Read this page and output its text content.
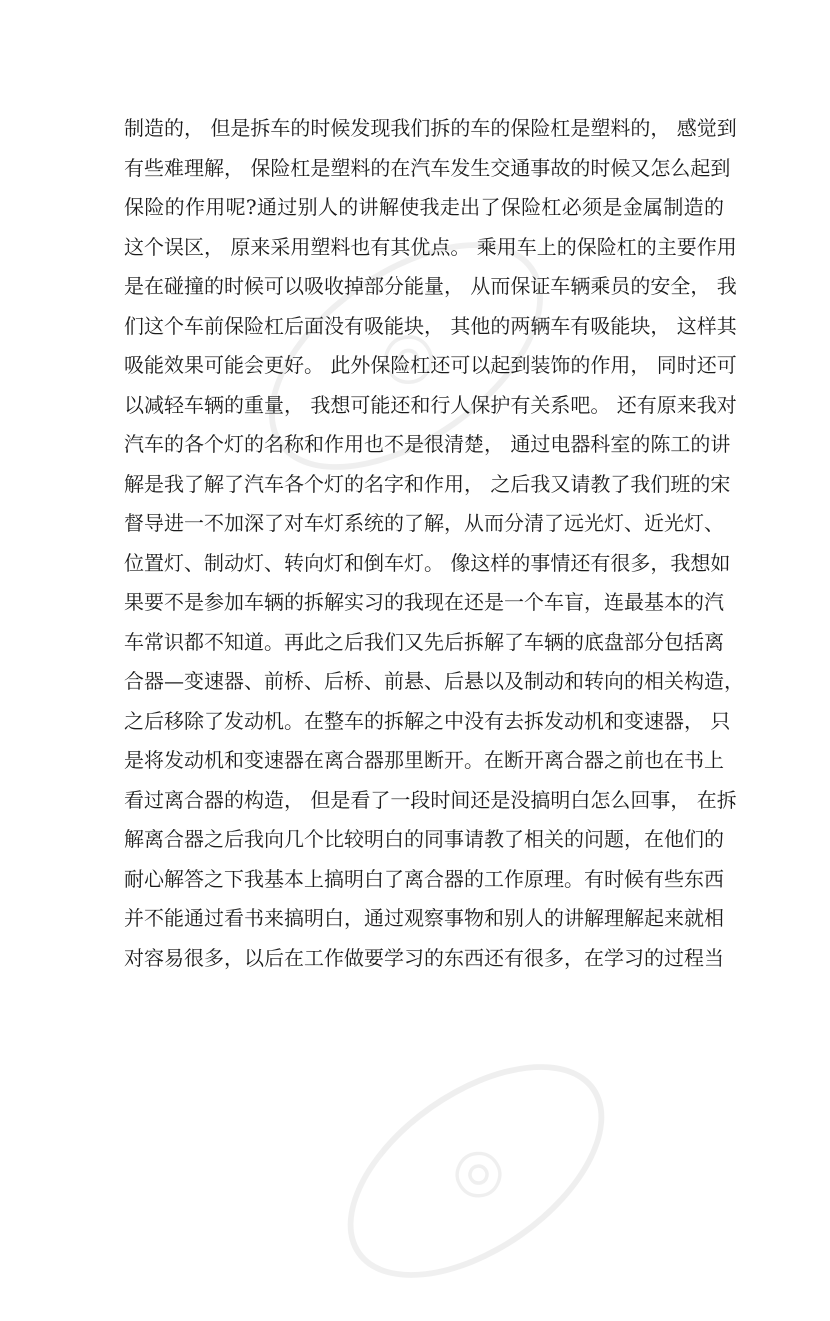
◎
◎
制造的， 但是拆车的时候发现我们拆的车的保险杠是塑料的， 感觉到
有些难理解， 保险杠是塑料的在汽车发生交通事故的时候又怎么起到
保险的作用呢?通过别人的讲解使我走出了保险杠必须是金属制造的
这个误区， 原来采用塑料也有其优点。 乘用车上的保险杠的主要作用
是在碰撞的时候可以吸收掉部分能量， 从而保证车辆乘员的安全， 我
们这个车前保险杠后面没有吸能块， 其他的两辆车有吸能块， 这样其
吸能效果可能会更好。 此外保险杠还可以起到装饰的作用， 同时还可
以减轻车辆的重量， 我想可能还和行人保护有关系吧。 还有原来我对
汽车的各个灯的名称和作用也不是很清楚， 通过电器科室的陈工的讲
解是我了解了汽车各个灯的名字和作用， 之后我又请教了我们班的宋
督导进一不加深了对车灯系统的了解，从而分清了远光灯、近光灯、
位置灯、制动灯、转向灯和倒车灯。 像这样的事情还有很多，我想如
果要不是参加车辆的拆解实习的我现在还是一个车盲，连最基本的汽
车常识都不知道。再此之后我们又先后拆解了车辆的底盘部分包括离
合器—变速器、前桥、后桥、前悬、后悬以及制动和转向的相关构造，
之后移除了发动机。在整车的拆解之中没有去拆发动机和变速器， 只
是将发动机和变速器在离合器那里断开。在断开离合器之前也在书上
看过离合器的构造， 但是看了一段时间还是没搞明白怎么回事， 在拆
解离合器之后我向几个比较明白的同事请教了相关的问题，在他们的
耐心解答之下我基本上搞明白了离合器的工作原理。有时候有些东西
并不能通过看书来搞明白，通过观察事物和别人的讲解理解起来就相
对容易很多，以后在工作做要学习的东西还有很多，在学习的过程当
